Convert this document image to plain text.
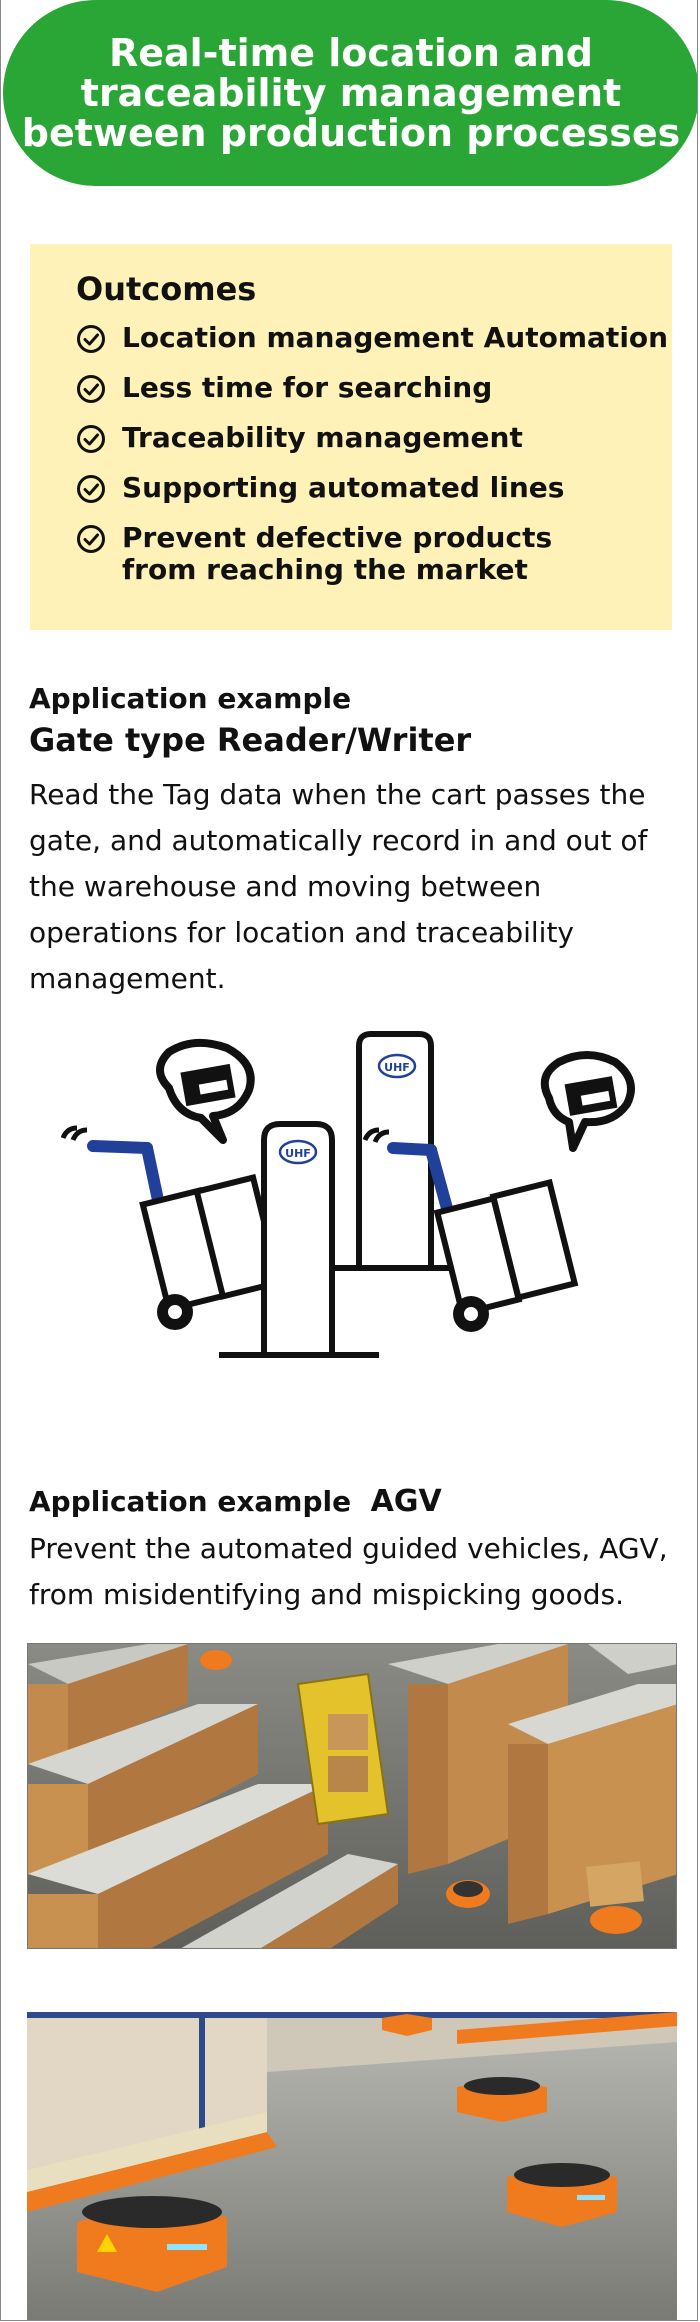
Real-time location and traceability management between production processes
Outcomes
Location management Automation
Less time for searching
Traceability management
Supporting automated lines
Prevent defective products from reaching the market
Application example
Gate type Reader/Writer

Read the Tag data when the cart passes the gate, and automatically record in and out of the warehouse and moving between operations for location and traceability management.

UHF
UHF
Application example AGV

Prevent the automated guided vehicles, AGV, from misidentifying and mispicking goods.
